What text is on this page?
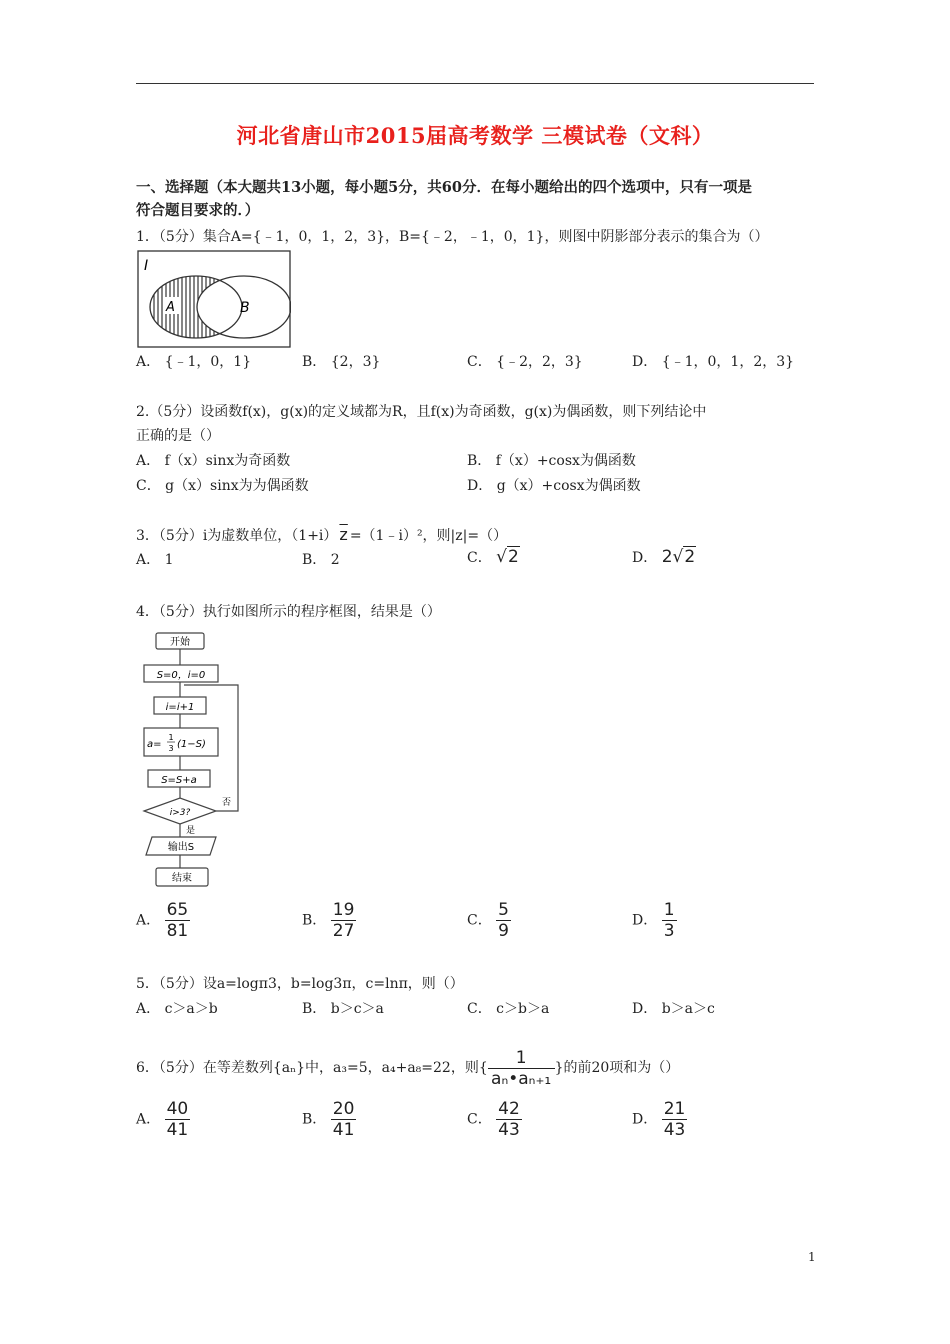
河北省唐山市2015届高考数学 三模试卷（文科）
一、选择题（本大题共13小题，每小题5分，共60分．在每小题给出的四个选项中，只有一项是
符合题目要求的．）
1．（5分）集合A={﹣1，0，1，2，3}，B={﹣2，﹣1，0，1}，则图中阴影部分表示的集合为（）
I
A	B
A． {﹣1，0，1}	B． {2，3}	C． {﹣2，2，3}	D． {﹣1，0，1，2，3}
2.（5分）设函数f(x)，g(x)的定义域都为R，且f(x)为奇函数，g(x)为偶函数，则下列结论中
正确的是（）
A． f（x）sinx为奇函数	B． f（x）+cosx为偶函数
C． g（x）sinx为为偶函数	D． g（x）+cosx为偶函数
3．（5分）i为虚数单位，（1+i） $\overline{z}$ =（1﹣i）²，则|z|=（）
A． 1	B． 2	C． √2	D． 2√2
4．（5分）执行如图所示的程序框图，结果是（）
开始
S=0，i=0
i=i+1
a=
1
3 (1−S)
S=S+a
i>3?
是
否
输出S
结束
A． $\frac{65}{81}$	B． $\frac{19}{27}$	C． $\frac{5}{9}$	D． $\frac{1}{3}$
5．（5分）设a=logπ3，b=log3π，c=lnπ，则（）
A． c＞a＞b	B． b＞c＞a	C． c＞b＞a	D． b＞a＞c
6．（5分）在等差数列{aₙ}中，a₃=5，a₄+a₈=22，则{ $\frac{1}{\text{aₙ•aₙ₊₁}}$ }的前20项和为（）
A． $\frac{40}{41}$	B． $\frac{20}{41}$	C． $\frac{42}{43}$	D． $\frac{21}{43}$
1
